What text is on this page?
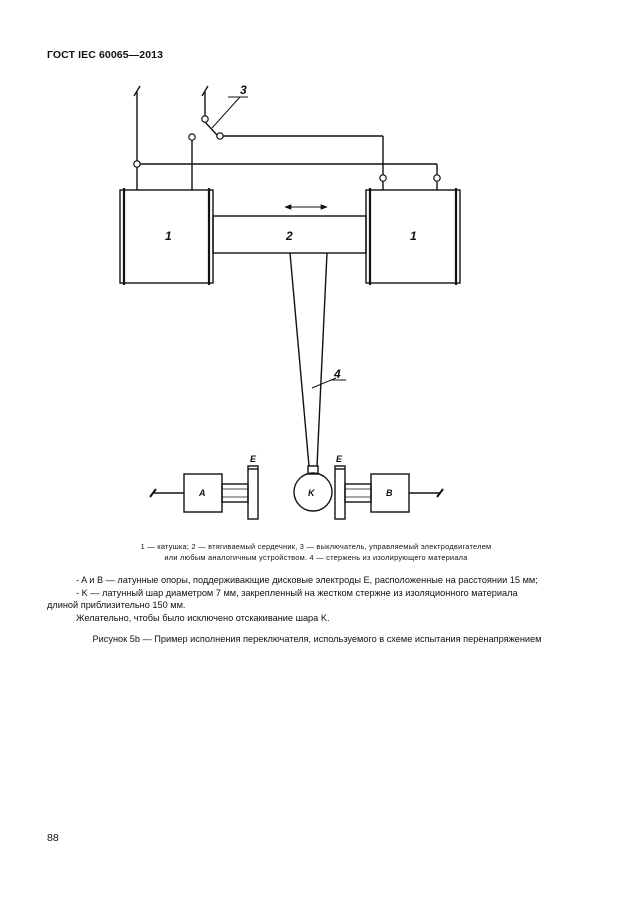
ГОСТ IEC 60065—2013
1	1
2
3
4
E	E
A	K	B
1 — катушка; 2 — втягиваемый сердечник, 3 — выключатель, управляемый электродвигателем
или любым аналогичным устройством. 4 — стержень из изолирующего материала
- A и B — латунные опоры, поддерживающие дисковые электроды E, расположенные на расстоянии 15 мм;
- K — латунный шар диаметром 7 мм, закрепленный на жестком стержне из изоляционного материала
длиной приблизительно 150 мм.
Желательно, чтобы было исключено отскакивание шара K.
Рисунок 5b — Пример исполнения переключателя, используемого в схеме испытания перенапряжением
88
